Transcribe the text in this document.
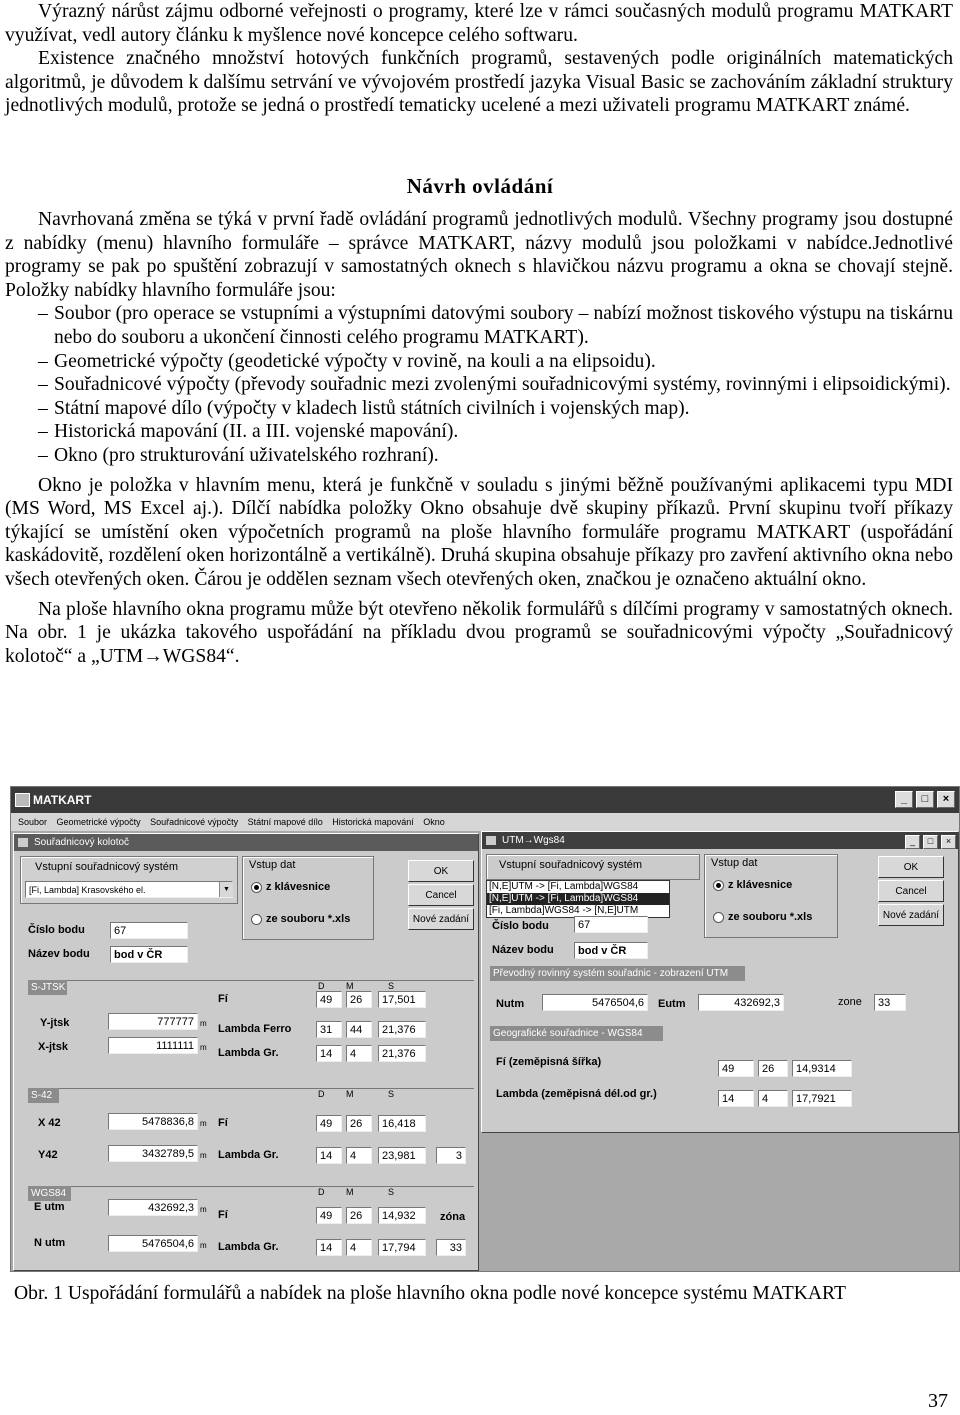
Výrazný nárůst zájmu odborné veřejnosti o programy, které lze v rámci současných modulů programu MATKART využívat, vedl autory článku k myšlence nové koncepce celého softwaru.

Existence značného množství hotových funkčních programů, sestavených podle originálních matematických algoritmů, je důvodem k dalšímu setrvání ve vývojovém prostředí jazyka Visual Basic se zachováním základní struktury jednotlivých modulů, protože se jedná o prostředí tematicky ucelené a mezi uživateli programu MATKART známé.

Návrh ovládání

Navrhovaná změna se týká v první řadě ovládání programů jednotlivých modulů. Všechny programy jsou dostupné z nabídky (menu) hlavního formuláře – správce MATKART, názvy modulů jsou položkami v nabídce.Jednotlivé programy se pak po spuštění zobrazují v samostatných oknech s hlavičkou názvu programu a okna se chovají stejně. Položky nabídky hlavního formuláře jsou:

– Soubor (pro operace se vstupními a výstupními datovými soubory – nabízí možnost tiskového výstupu na tiskárnu nebo do souboru a ukončení činnosti celého programu MATKART).

– Geometrické výpočty (geodetické výpočty v rovině, na kouli a na elipsoidu).

– Souřadnicové výpočty (převody souřadnic mezi zvolenými souřadnicovými systémy, rovinnými i elipsoidickými).

– Státní mapové dílo (výpočty v kladech listů státních civilních i vojenských map).

– Historická mapování (II. a III. vojenské mapování).

– Okno (pro strukturování uživatelského rozhraní).

Okno je položka v hlavním menu, která je funkčně v souladu s jinými běžně používanými aplikacemi typu MDI (MS Word, MS Excel aj.). Dílčí nabídka položky Okno obsahuje dvě skupiny příkazů. První skupinu tvoří příkazy týkající se umístění oken výpočetních programů na ploše hlavního formuláře programu MATKART (uspořádání kaskádovitě, rozdělení oken horizontálně a vertikálně). Druhá skupina obsahuje příkazy pro zavření aktivního okna nebo všech otevřených oken. Čárou je oddělen seznam všech otevřených oken, značkou je označeno aktuální okno.

Na ploše hlavního okna programu může být otevřeno několik formulářů s dílčími programy v samostatných oknech. Na obr. 1 je ukázka takového uspořádání na příkladu dvou programů se souřadnicovými výpočty „Souřadnicový kolotoč“ a „UTM→WGS84“.

MATKART	_ □ ×
Soubor Geometrické výpočty Souřadnicové výpočty Státní mapové dílo Historická mapování Okno
Souřadnicový kolotoč
Vstupní souřadnicový systém
[Fi, Lambda] Krasovského el.	▼
Vstup dat
z klávesnice
ze souboru *.xls
OK
Cancel
Nové zadání
Číslo bodu	67
Název bodu	bod v ČR
S-JTSK	D M	S
Y-jtsk	777777 m
X-jtsk	1111111 m
Fí	49	26	17,501
Lambda Ferro	31	44	21,376
Lambda Gr.	14	4	21,376
S-42	D M	S
X 42	5478836,8 m
Y42	3432789,5 m
Fí	49	26	16,418
Lambda Gr.	14	4	23,981	3
WGS84	D M	S
E utm	432692,3 m
N utm	5476504,6 m
Fí	49	26	14,932	zóna
Lambda Gr.	14	4	17,794	33
UTM→Wgs84	_ □ ×
Vstupní souřadnicový systém
[N,E]UTM -> [Fi, Lambda]WGS84
[N,E]UTM -> [Fi, Lambda]WGS84
[Fi, Lambda]WGS84 -> [N,E]UTM
Vstup dat
z klávesnice
ze souboru *.xls
OK
Cancel
Nové zadání
Číslo bodu	67
Název bodu	bod v ČR
Převodný rovinný systém souřadnic - zobrazení UTM
Nutm	5476504,6	Eutm	432692,3	zone	33
Geografické souřadnice - WGS84
Fí (zeměpisná šířka)
49	26	14,9314
Lambda (zeměpisná dél.od gr.)	14	4	17,7921
Obr. 1 Uspořádání formulářů a nabídek na ploše hlavního okna podle nové koncepce systému MATKART
37
